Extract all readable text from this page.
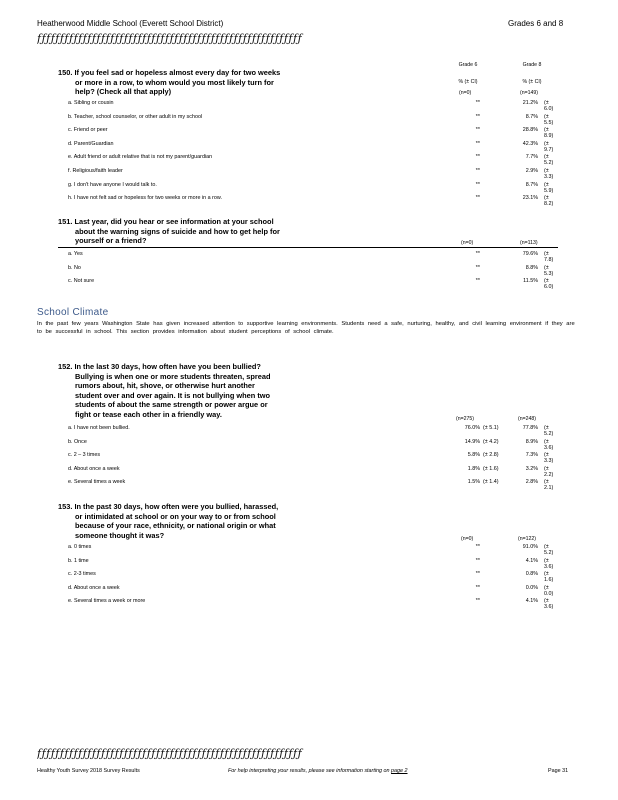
Heatherwood Middle School (Everett School District)	Grades 6 and 8
ƒƒƒƒƒƒƒƒƒƒƒƒƒƒƒƒƒƒƒƒƒƒƒƒƒƒƒƒƒƒƒƒƒƒƒƒƒƒƒƒƒƒƒƒƒƒƒƒƒƒƒƒƒƒƒƒƒƒ
Grade 6
% (± CI)
Grade 8
% (± CI)
150. If you feel sad or hopeless almost every day for two weeks
or more in a row, to whom would you most likely turn for
help? (Check all that apply)	(n=0)	(n=149)
a. Sibling or cousin	**	21.2% (± 6.0)
b. Teacher, school counselor, or other adult in my school	**	8.7% (± 5.5)
c. Friend or peer	**	28.8% (± 8.9)
d. Parent/Guardian	**	42.3% (± 9.7)
e. Adult friend or adult relative that is not my parent/guardian	**	7.7% (± 5.2)
f. Religious/faith leader	**	2.9% (± 3.3)
g. I don't have anyone I would talk to.	**	8.7% (± 5.9)
h. I have not felt sad or hopeless for two weeks or more in a row.	**	23.1% (± 8.2)
151. Last year, did you hear or see information at your school
about the warning signs of suicide and how to get help for
yourself or a friend?	(n=0)	(n=113)
a. Yes	**	79.6% (± 7.8)
b. No	**	8.8% (± 5.3)
c. Not sure	**	11.5% (± 6.0)
School Climate
In the past few years Washington State has given increased attention to supportive learning environments. Students need a safe, nurturing, healthy, and civil learning environment if they are to be successful in school. This section provides information about student perceptions of school climate.
152. In the last 30 days, how often have you been bullied?
Bullying is when one or more students threaten, spread
rumors about, hit, shove, or otherwise hurt another
student over and over again. It is not bullying when two
students of about the same strength or power argue or
fight or tease each other in a friendly way.
(n=275)	(n=248)
a. I have not been bullied.	76.0% (± 5.1)	77.8% (± 5.2)
b. Once	14.9% (± 4.2)	8.9% (± 3.6)
c. 2 – 3 times	5.8% (± 2.8)	7.3% (± 3.3)
d. About once a week	1.8% (± 1.6)	3.2% (± 2.2)
e. Several times a week	1.5% (± 1.4)	2.8% (± 2.1)
153. In the past 30 days, how often were you bullied, harassed,
or intimidated at school or on your way to or from school
because of your race, ethnicity, or national origin or what
someone thought it was?	(n=0)	(n=122)
a. 0 times	**	91.0% (± 5.2)
b. 1 time	**	4.1% (± 3.6)
c. 2-3 times	**	0.8% (± 1.6)
d. About once a week	**	0.0% (± 0.0)
e. Several times a week or more	**	4.1% (± 3.6)
ƒƒƒƒƒƒƒƒƒƒƒƒƒƒƒƒƒƒƒƒƒƒƒƒƒƒƒƒƒƒƒƒƒƒƒƒƒƒƒƒƒƒƒƒƒƒƒƒƒƒƒƒƒƒƒƒƒƒ
Healthy Youth Survey 2018 Survey Results	For help interpreting your results, please see information starting on page 2	Page 31
